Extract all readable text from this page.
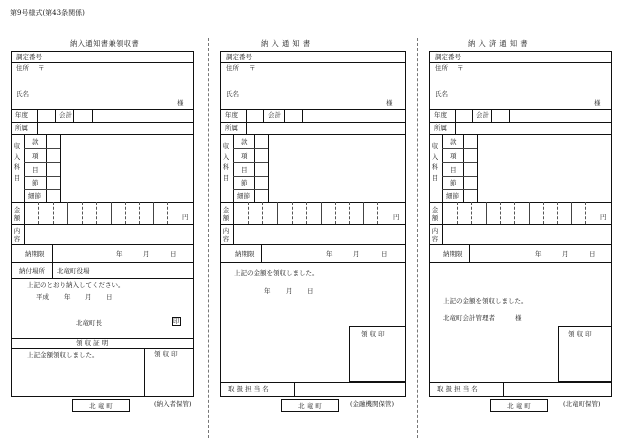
第9号様式(第43条関係)
納入通知書兼領収書
調定番号
住所 〒
氏名
様
年度	会計
所属
収
入
科
目
款
項
目
節
細節
金
額	円
内
容
納期限	年	月	日
納付場所 北竜町役場
上記のとおり納入してください。
平成 年 月 日
北竜町長	印
領 収 証 明
上記金額領収しました。	領 収 印
北 竜 町	(納入者保管)
納 入 通 知 書
調定番号
住所 〒
氏名
様
年度	会計
所属
収
入
科
目
款
項
目
節
細節
金
額	円
内
容
納期限	年	月	日
上記の金額を領収しました。
年 月 日
領 収 印
取 扱 担 当 名
北 竜 町	(金融機関保管)
納 入 済 通 知 書
調定番号
住所 〒
氏名
様
年度	会計
所属
収
入
科
目
款
項
目
節
細節
金
額	円
内
容
納期限	年	月	日
上記の金額を領収しました。
北竜町会計管理者	様
領 収 印
取 扱 担 当 名
北 竜 町	(北竜町保管)
